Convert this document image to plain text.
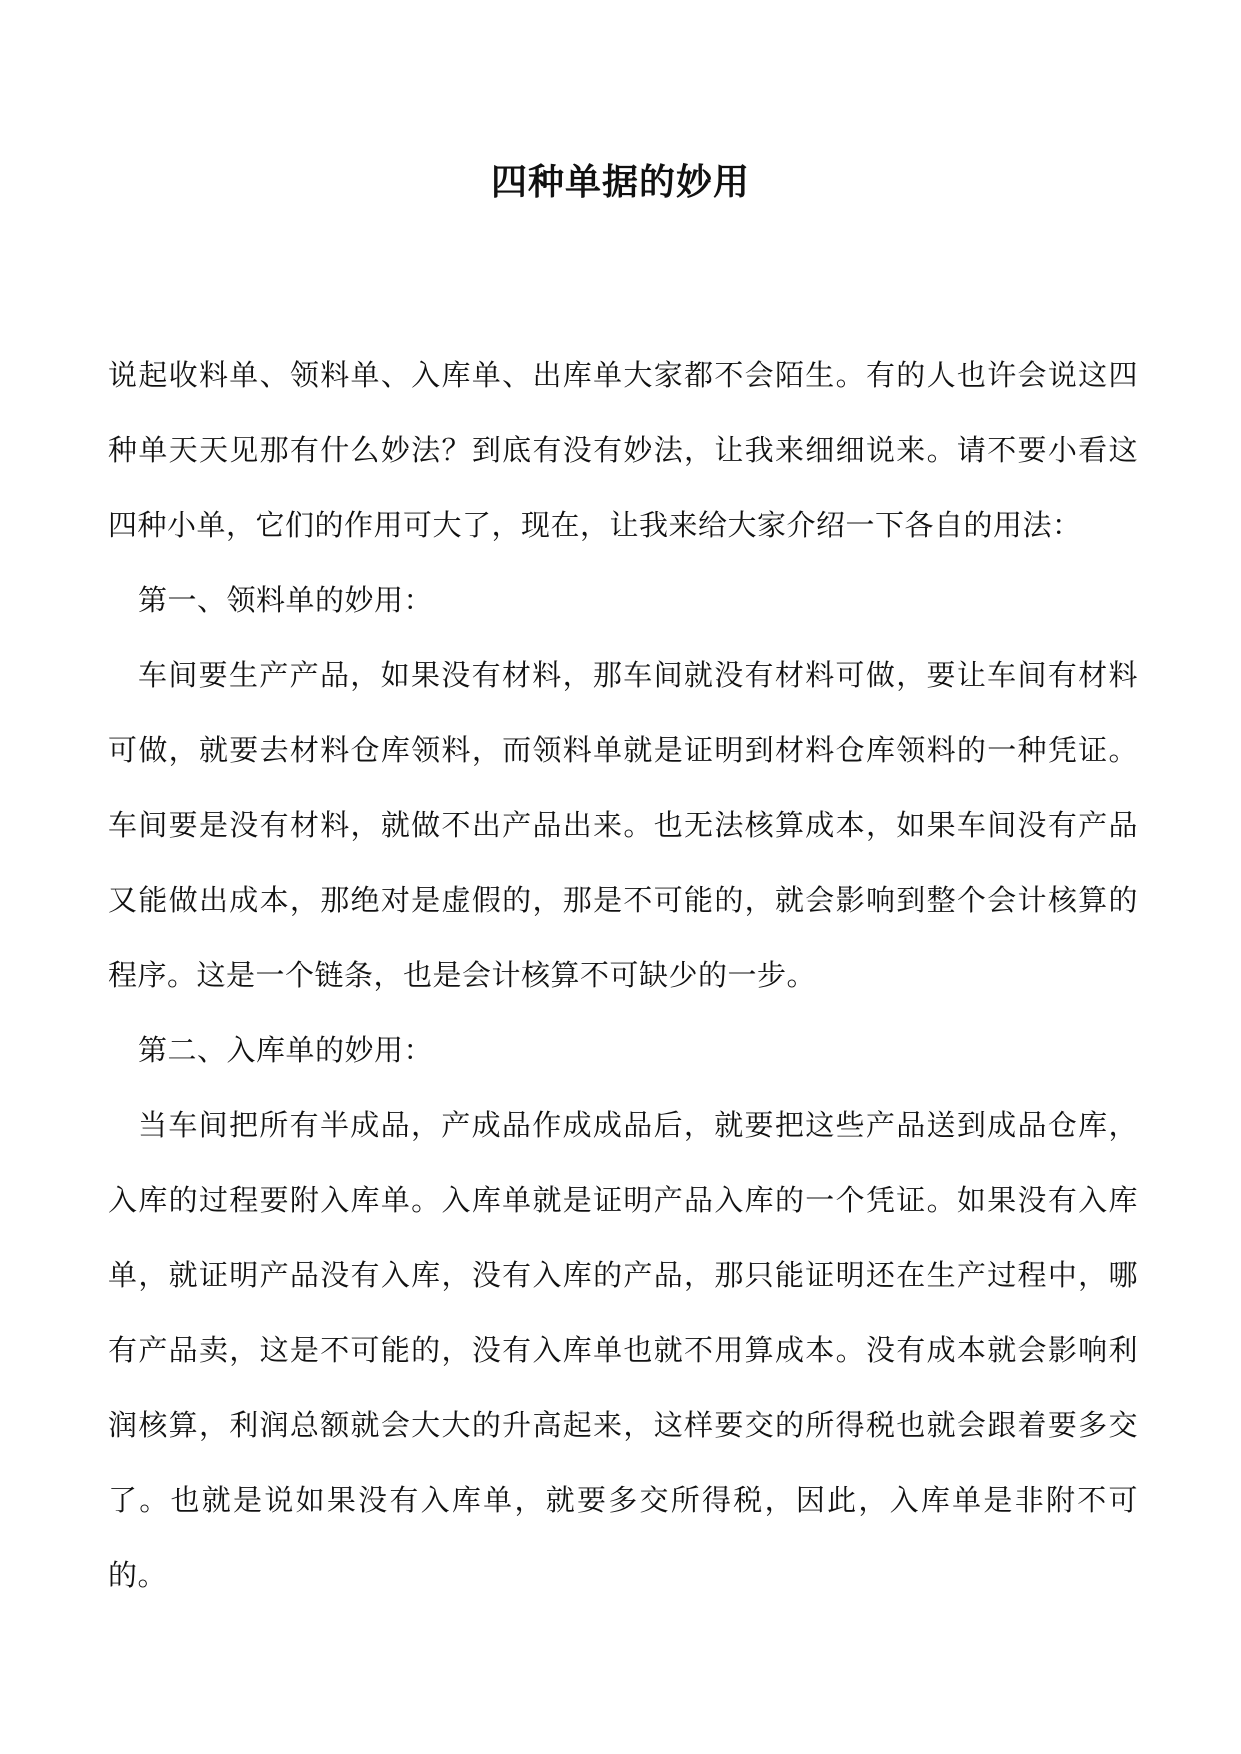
四种单据的妙用

说起收料单、领料单、入库单、出库单大家都不会陌生。有的人也许会说这四种单天天见那有什么妙法？到底有没有妙法，让我来细细说来。请不要小看这四种小单，它们的作用可大了，现在，让我来给大家介绍一下各自的用法：

第一、领料单的妙用：

车间要生产产品，如果没有材料，那车间就没有材料可做，要让车间有材料可做，就要去材料仓库领料，而领料单就是证明到材料仓库领料的一种凭证。车间要是没有材料，就做不出产品出来。也无法核算成本，如果车间没有产品又能做出成本，那绝对是虚假的，那是不可能的，就会影响到整个会计核算的程序。这是一个链条，也是会计核算不可缺少的一步。

第二、入库单的妙用：

当车间把所有半成品，产成品作成成品后，就要把这些产品送到成品仓库，入库的过程要附入库单。入库单就是证明产品入库的一个凭证。如果没有入库单，就证明产品没有入库，没有入库的产品，那只能证明还在生产过程中，哪有产品卖，这是不可能的，没有入库单也就不用算成本。没有成本就会影响利润核算，利润总额就会大大的升高起来，这样要交的所得税也就会跟着要多交了。也就是说如果没有入库单，就要多交所得税，因此，入库单是非附不可的。
